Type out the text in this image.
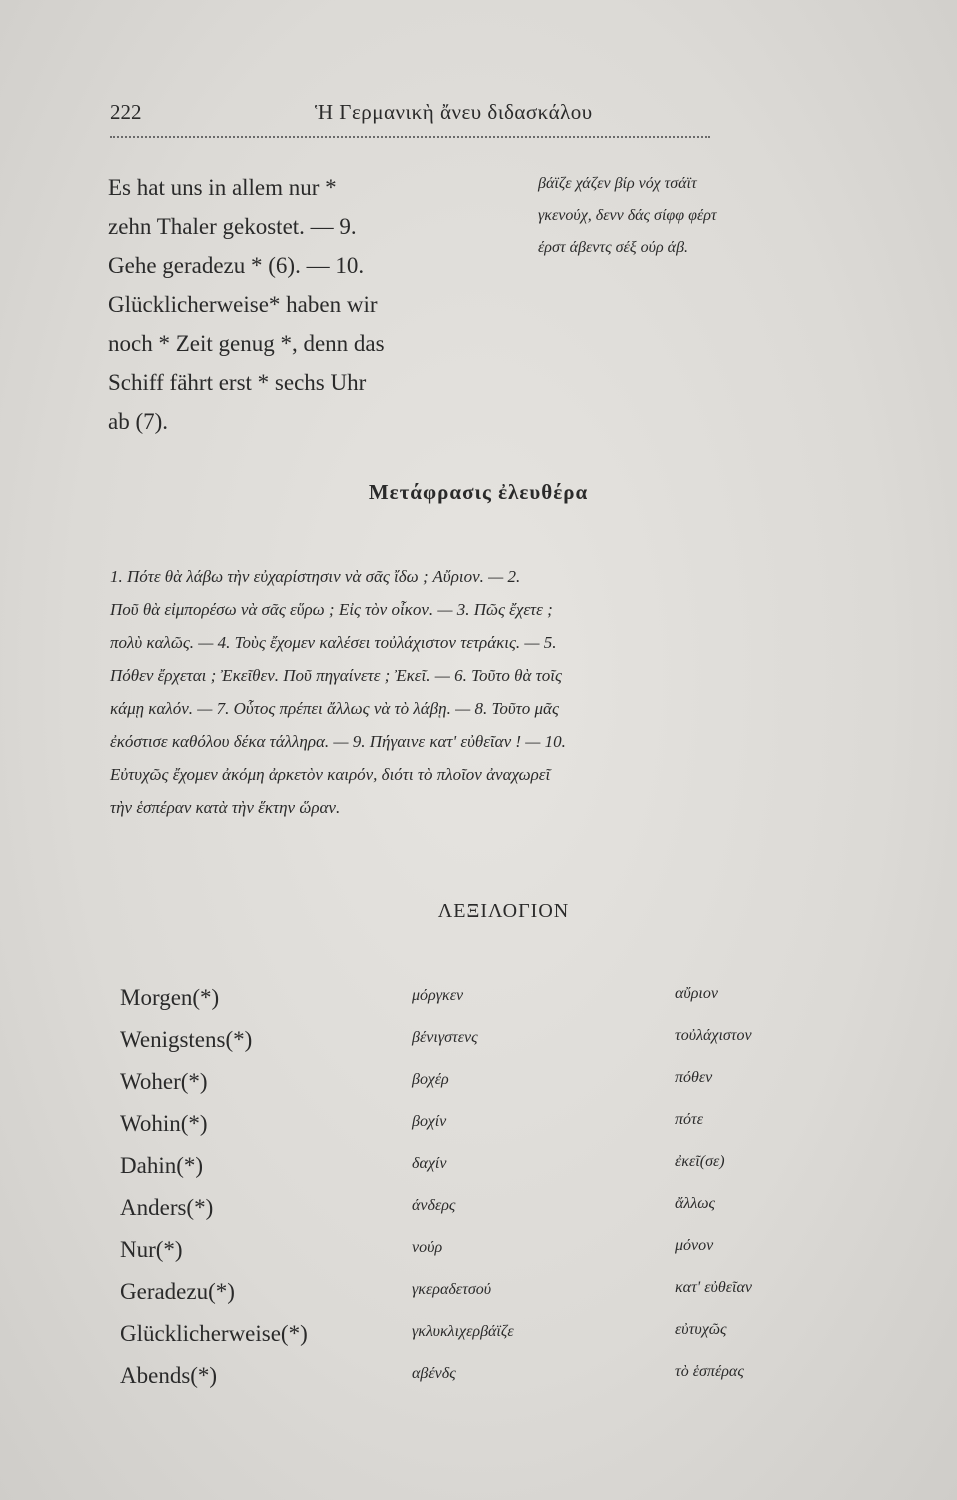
222	Ἡ Γερμανικὴ ἄνευ διδασκάλου
Es hat uns in allem nur *
zehn Thaler gekostet. — 9.
Gehe geradezu * (6). — 10.
Glücklicherweise* haben wir
noch * Zeit genug *, denn das
Schiff fährt erst * sechs Uhr
ab (7).
βάϊζε χάζεν βίρ νόχ τσάϊτ
γκενούχ, δενν δάς σίφφ φέρτ
έρστ άβεντς σέξ ούρ άβ.
Μετάφρασις ἐλευθέρα
1. Πότε θὰ λάβω τὴν εὐχαρίστησιν νὰ σᾶς ἴδω ; Αὔριον. — 2.
Ποῦ θὰ εἰμπορέσω νὰ σᾶς εὕρω ; Εἰς τὸν οἶκον. — 3. Πῶς ἔχετε ;
πολὺ καλῶς. — 4. Τοὺς ἔχομεν καλέσει τοὐλάχιστον τετράκις. — 5.
Πόθεν ἔρχεται ; Ἐκεῖθεν. Ποῦ πηγαίνετε ; Ἐκεῖ. — 6. Τοῦτο θὰ τοῖς
κάμῃ καλόν. — 7. Οὗτος πρέπει ἄλλως νὰ τὸ λάβῃ. — 8. Τοῦτο μᾶς
ἐκόστισε καθόλου δέκα τάλληρα. — 9. Πήγαινε κατ' εὐθεῖαν ! — 10.
Εὐτυχῶς ἔχομεν ἀκόμη ἀρκετὸν καιρόν, διότι τὸ πλοῖον ἀναχωρεῖ
τὴν ἑσπέραν κατὰ τὴν ἕκτην ὥραν.
ΛΕΞΙΛΟΓΙΟΝ
Morgen(*)	μόργκεν	αὔριον
Wenigstens(*)	βένιγστενς	τοὐλάχιστον
Woher(*)	βοχέρ	πόθεν
Wohin(*)	βοχίν	πότε
Dahin(*)	δαχίν	ἐκεῖ(σε)
Anders(*)	άνδερς	ἄλλως
Nur(*)	νούρ	μόνον
Geradezu(*)	γκεραδετσού	κατ' εὐθεῖαν
Glücklicherweise(*)	γκλυκλιχερβάϊζε	εὐτυχῶς
Abends(*)	αβένδς	τὸ ἑσπέρας
